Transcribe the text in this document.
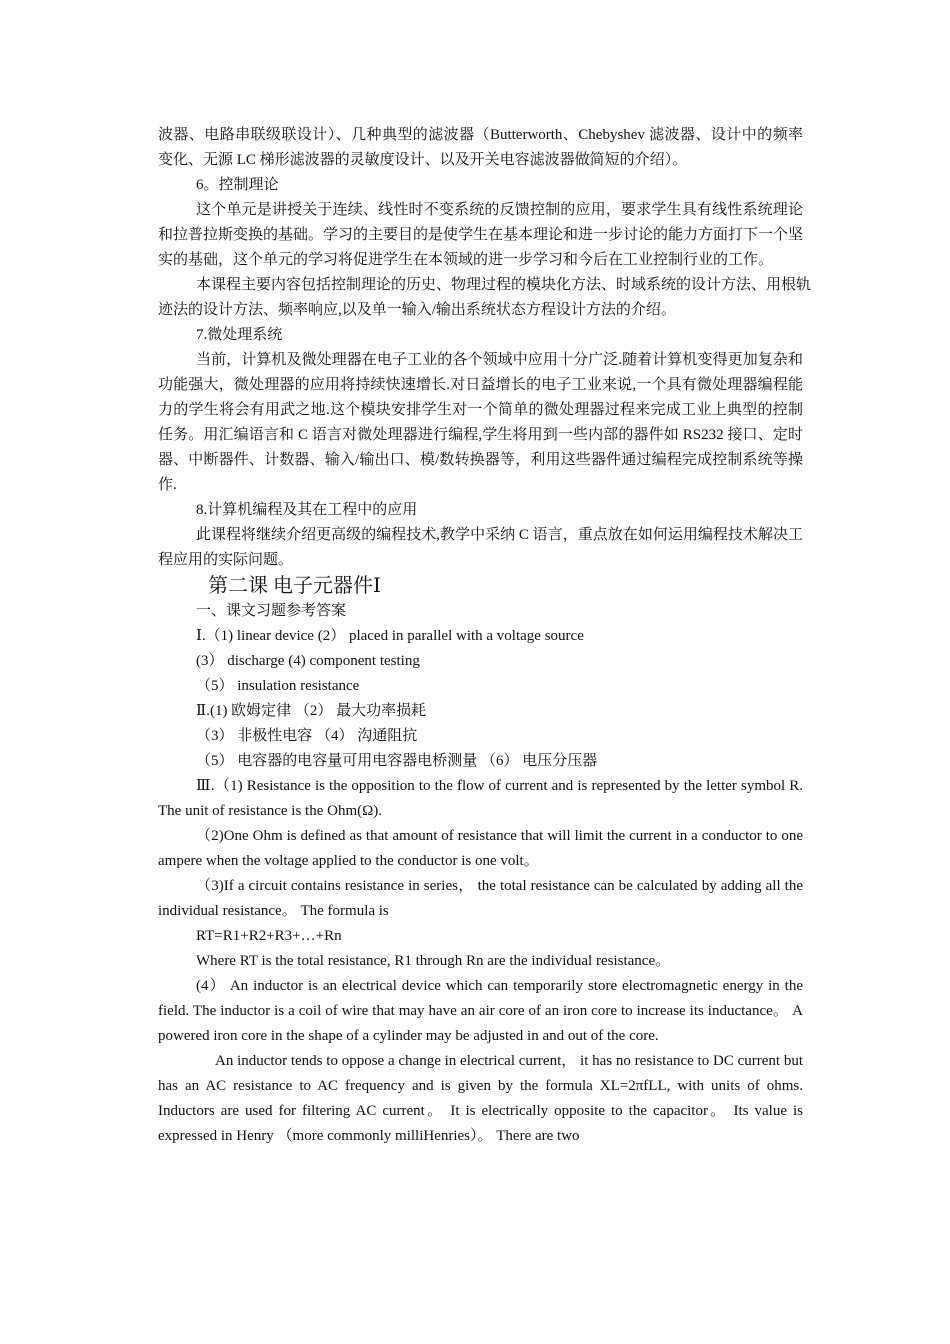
波器、电路串联级联设计）、几种典型的滤波器（Butterworth、Chebyshev 滤波器、设计中的频率变化、无源 LC 梯形滤波器的灵敏度设计、以及开关电容滤波器做简短的介绍）。

6。控制理论

这个单元是讲授关于连续、线性时不变系统的反馈控制的应用，要求学生具有线性系统理论和拉普拉斯变换的基础。学习的主要目的是使学生在基本理论和进一步讨论的能力方面打下一个坚实的基础，这个单元的学习将促进学生在本领域的进一步学习和今后在工业控制行业的工作。

本课程主要内容包括控制理论的历史、物理过程的模块化方法、时域系统的设计方法、用根轨迹法的设计方法、频率响应,以及单一输入/输出系统状态方程设计方法的介绍。

7.微处理系统

当前，计算机及微处理器在电子工业的各个领域中应用十分广泛.随着计算机变得更加复杂和功能强大，微处理器的应用将持续快速增长.对日益增长的电子工业来说,一个具有微处理器编程能力的学生将会有用武之地.这个模块安排学生对一个简单的微处理器过程来完成工业上典型的控制任务。用汇编语言和 C 语言对微处理器进行编程,学生将用到一些内部的器件如 RS232 接口、定时器、中断器件、计数器、输入/输出口、模/数转换器等，利用这些器件通过编程完成控制系统等操作.

8.计算机编程及其在工程中的应用

此课程将继续介绍更高级的编程技术,教学中采纳 C 语言，重点放在如何运用编程技术解决工程应用的实际问题。

第二课 电子元器件Ⅰ

一、课文习题参考答案

Ⅰ.（1) linear device (2） placed in parallel with a voltage source

(3） discharge (4) component testing

（5） insulation resistance

Ⅱ.(1) 欧姆定律 （2） 最大功率损耗

（3） 非极性电容 （4） 沟通阻抗

（5） 电容器的电容量可用电容器电桥测量 （6） 电压分压器

Ⅲ.（1) Resistance is the opposition to the flow of current and is represented by the letter symbol R. The unit of resistance is the Ohm(Ω).

（2)One Ohm is defined as that amount of resistance that will limit the current in a conductor to one ampere when the voltage applied to the conductor is one volt。

（3)If a circuit contains resistance in series， the total resistance can be calculated by adding all the individual resistance。 The formula is

RT=R1+R2+R3+…+Rn

Where RT is the total resistance, R1 through Rn are the individual resistance。

(4） An inductor is an electrical device which can temporarily store electromagnetic energy in the field. The inductor is a coil of wire that may have an air core of an iron core to increase its inductance。 A powered iron core in the shape of a cylinder may be adjusted in and out of the core.

An inductor tends to oppose a change in electrical current， it has no resistance to DC current but has an AC resistance to AC frequency and is given by the formula XL=2πfLL, with units of ohms. Inductors are used for filtering AC current。 It is electrically opposite to the capacitor。 Its value is expressed in Henry （more commonly milliHenries）。 There are two
